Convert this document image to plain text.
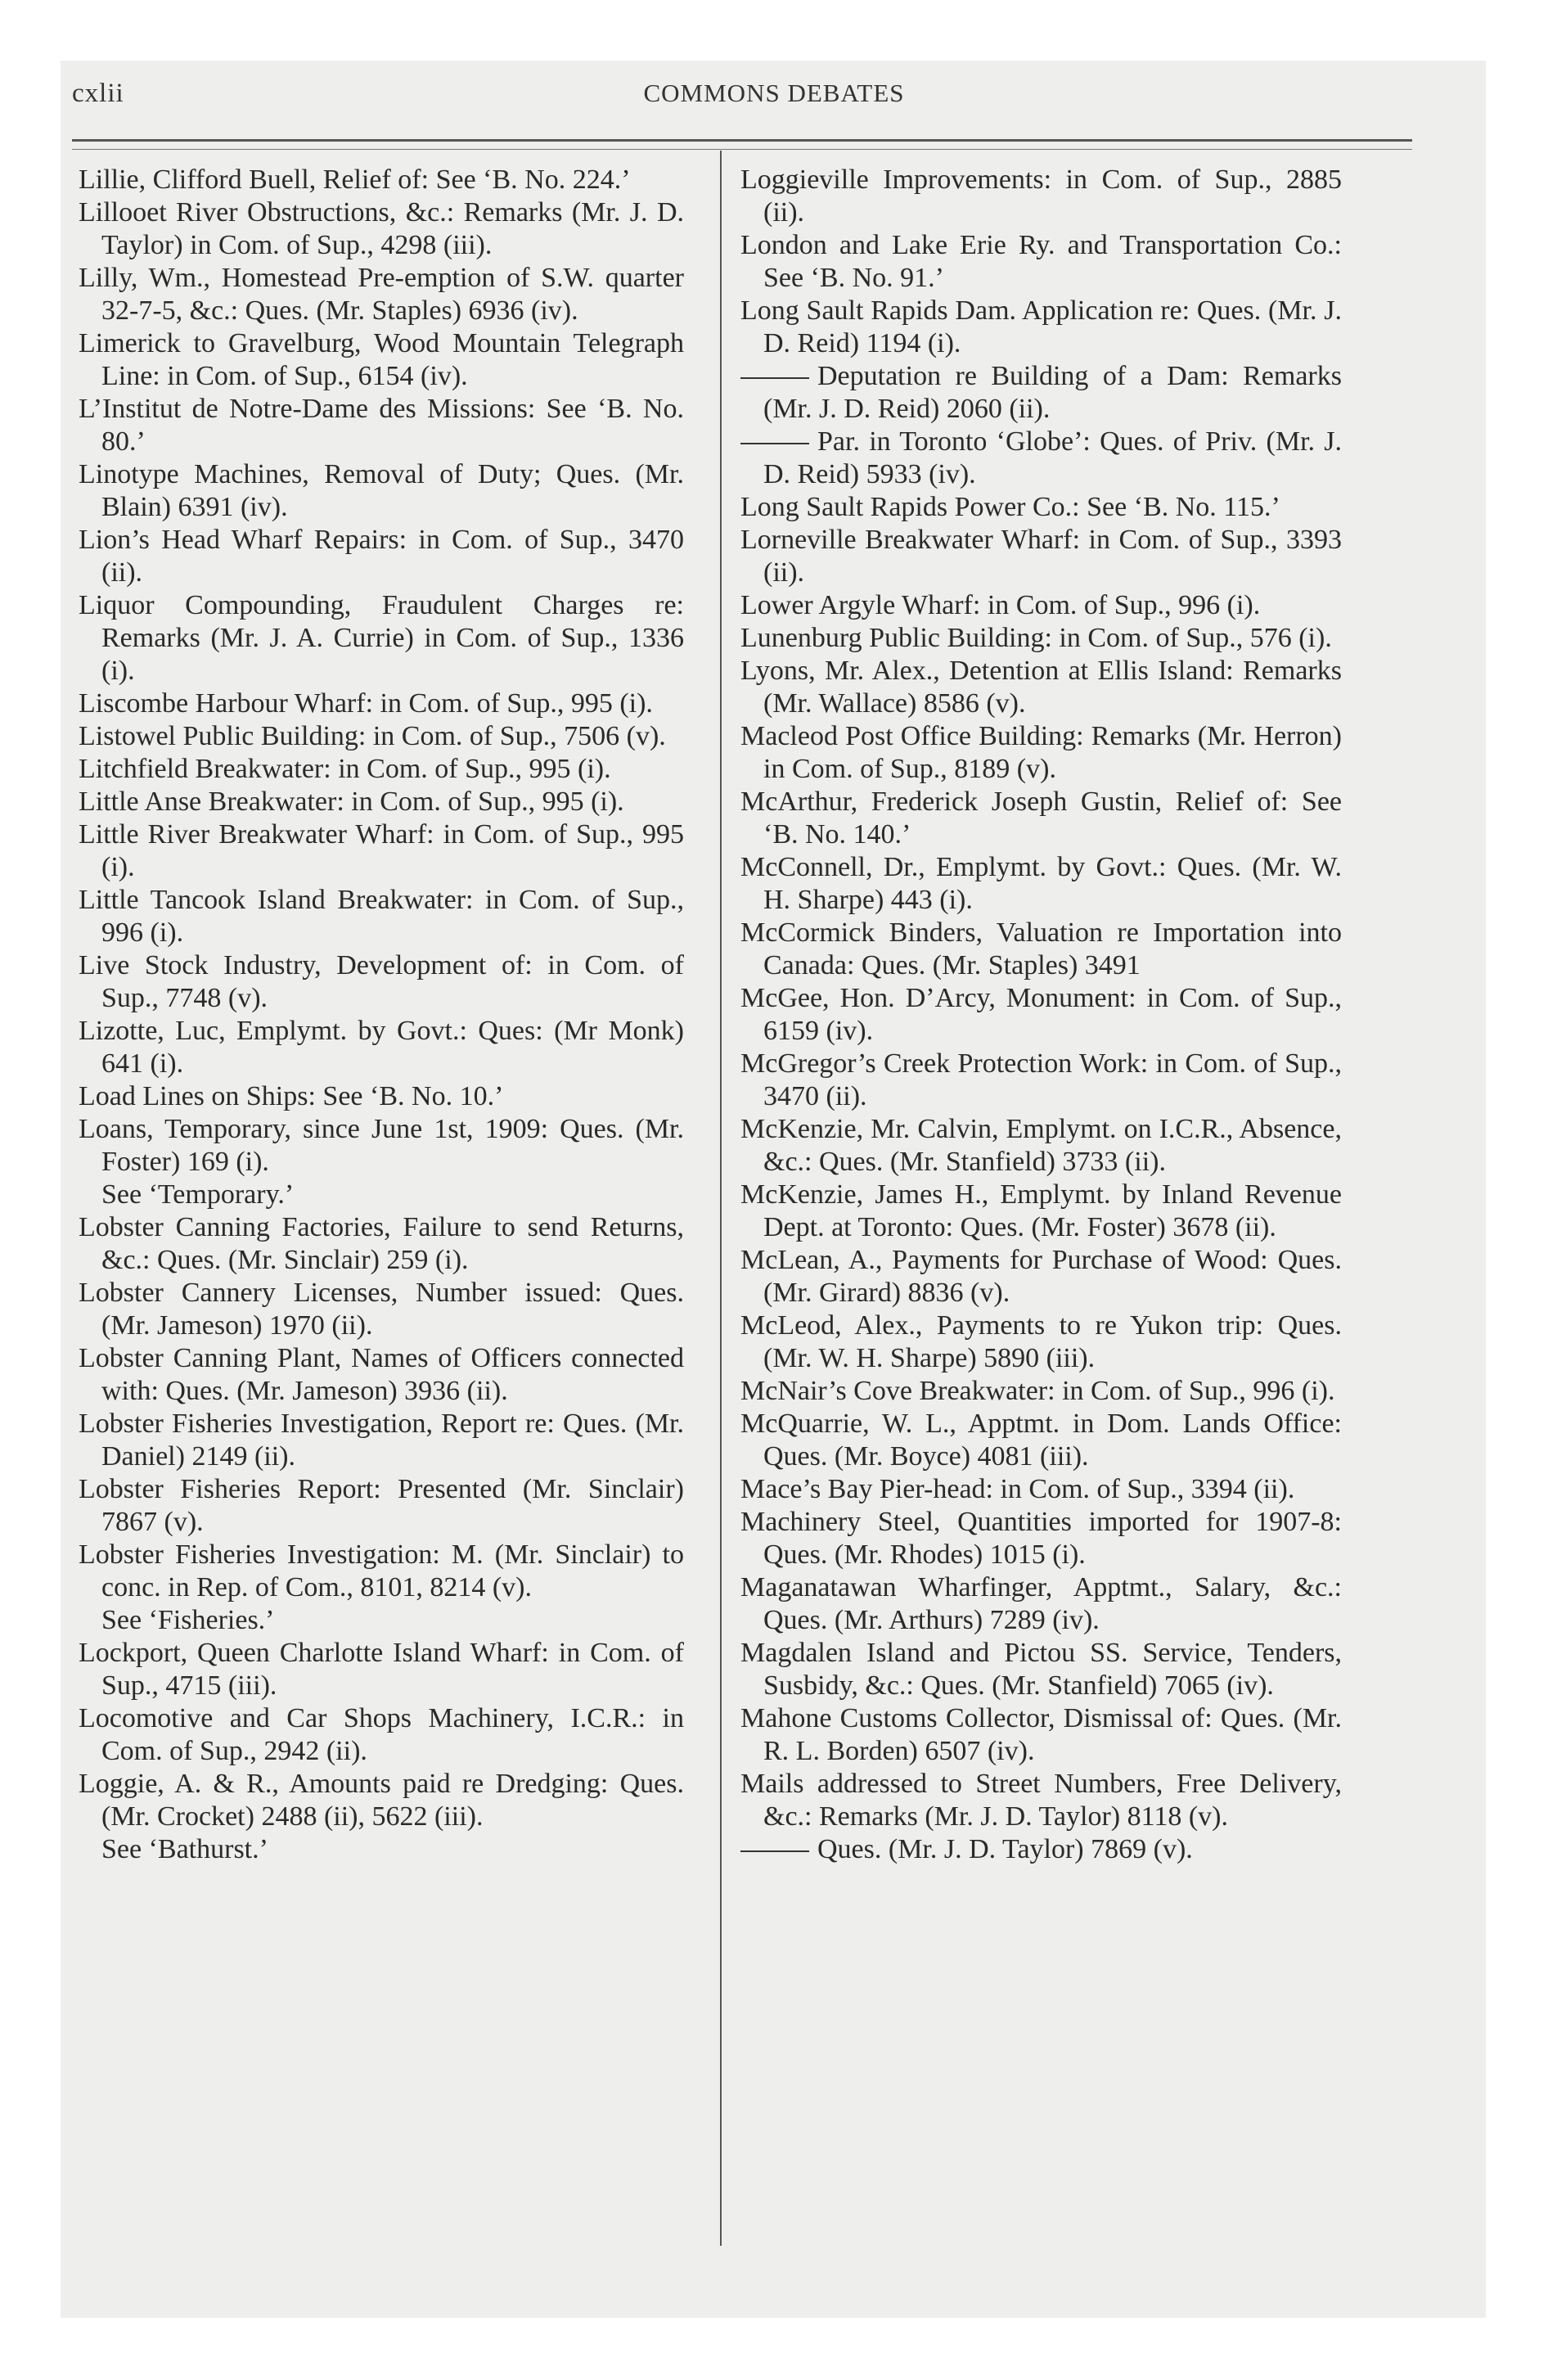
cxlii	COMMONS DEBATES

Lillie, Clifford Buell, Relief of: See ‘B. No. 224.’

Lillooet River Obstructions, &c.: Remarks (Mr. J. D. Taylor) in Com. of Sup., 4298 (iii).

Lilly, Wm., Homestead Pre-emption of S.W. quarter 32-7-5, &c.: Ques. (Mr. Staples) 6936 (iv).

Limerick to Gravelburg, Wood Mountain Telegraph Line: in Com. of Sup., 6154 (iv).

L’Institut de Notre-Dame des Missions: See ‘B. No. 80.’

Linotype Machines, Removal of Duty; Ques. (Mr. Blain) 6391 (iv).

Lion’s Head Wharf Repairs: in Com. of Sup., 3470 (ii).

Liquor Compounding, Fraudulent Charges re: Remarks (Mr. J. A. Currie) in Com. of Sup., 1336 (i).

Liscombe Harbour Wharf: in Com. of Sup., 995 (i).

Listowel Public Building: in Com. of Sup., 7506 (v).

Litchfield Breakwater: in Com. of Sup., 995 (i).

Little Anse Breakwater: in Com. of Sup., 995 (i).

Little River Breakwater Wharf: in Com. of Sup., 995 (i).

Little Tancook Island Breakwater: in Com. of Sup., 996 (i).

Live Stock Industry, Development of: in Com. of Sup., 7748 (v).

Lizotte, Luc, Emplymt. by Govt.: Ques: (Mr Monk) 641 (i).

Load Lines on Ships: See ‘B. No. 10.’

Loans, Temporary, since June 1st, 1909: Ques. (Mr. Foster) 169 (i).

See ‘Temporary.’

Lobster Canning Factories, Failure to send Returns, &c.: Ques. (Mr. Sinclair) 259 (i).

Lobster Cannery Licenses, Number issued: Ques. (Mr. Jameson) 1970 (ii).

Lobster Canning Plant, Names of Officers connected with: Ques. (Mr. Jameson) 3936 (ii).

Lobster Fisheries Investigation, Report re: Ques. (Mr. Daniel) 2149 (ii).

Lobster Fisheries Report: Presented (Mr. Sinclair) 7867 (v).

Lobster Fisheries Investigation: M. (Mr. Sinclair) to conc. in Rep. of Com., 8101, 8214 (v).

See ‘Fisheries.’

Lockport, Queen Charlotte Island Wharf: in Com. of Sup., 4715 (iii).

Locomotive and Car Shops Machinery, I.C.R.: in Com. of Sup., 2942 (ii).

Loggie, A. & R., Amounts paid re Dredging: Ques. (Mr. Crocket) 2488 (ii), 5622 (iii).

See ‘Bathurst.’

Loggieville Improvements: in Com. of Sup., 2885 (ii).

London and Lake Erie Ry. and Transportation Co.: See ‘B. No. 91.’

Long Sault Rapids Dam. Application re: Ques. (Mr. J. D. Reid) 1194 (i).

Deputation re Building of a Dam: Remarks (Mr. J. D. Reid) 2060 (ii).

Par. in Toronto ‘Globe’: Ques. of Priv. (Mr. J. D. Reid) 5933 (iv).

Long Sault Rapids Power Co.: See ‘B. No. 115.’

Lorneville Breakwater Wharf: in Com. of Sup., 3393 (ii).

Lower Argyle Wharf: in Com. of Sup., 996 (i).

Lunenburg Public Building: in Com. of Sup., 576 (i).

Lyons, Mr. Alex., Detention at Ellis Island: Remarks (Mr. Wallace) 8586 (v).

Macleod Post Office Building: Remarks (Mr. Herron) in Com. of Sup., 8189 (v).

McArthur, Frederick Joseph Gustin, Relief of: See ‘B. No. 140.’

McConnell, Dr., Emplymt. by Govt.: Ques. (Mr. W. H. Sharpe) 443 (i).

McCormick Binders, Valuation re Importation into Canada: Ques. (Mr. Staples) 3491

McGee, Hon. D’Arcy, Monument: in Com. of Sup., 6159 (iv).

McGregor’s Creek Protection Work: in Com. of Sup., 3470 (ii).

McKenzie, Mr. Calvin, Emplymt. on I.C.R., Absence, &c.: Ques. (Mr. Stanfield) 3733 (ii).

McKenzie, James H., Emplymt. by Inland Revenue Dept. at Toronto: Ques. (Mr. Foster) 3678 (ii).

McLean, A., Payments for Purchase of Wood: Ques. (Mr. Girard) 8836 (v).

McLeod, Alex., Payments to re Yukon trip: Ques. (Mr. W. H. Sharpe) 5890 (iii).

McNair’s Cove Breakwater: in Com. of Sup., 996 (i).

McQuarrie, W. L., Apptmt. in Dom. Lands Office: Ques. (Mr. Boyce) 4081 (iii).

Mace’s Bay Pier-head: in Com. of Sup., 3394 (ii).

Machinery Steel, Quantities imported for 1907-8: Ques. (Mr. Rhodes) 1015 (i).

Maganatawan Wharfinger, Apptmt., Salary, &c.: Ques. (Mr. Arthurs) 7289 (iv).

Magdalen Island and Pictou SS. Service, Tenders, Susbidy, &c.: Ques. (Mr. Stanfield) 7065 (iv).

Mahone Customs Collector, Dismissal of: Ques. (Mr. R. L. Borden) 6507 (iv).

Mails addressed to Street Numbers, Free Delivery, &c.: Remarks (Mr. J. D. Taylor) 8118 (v).

Ques. (Mr. J. D. Taylor) 7869 (v).
